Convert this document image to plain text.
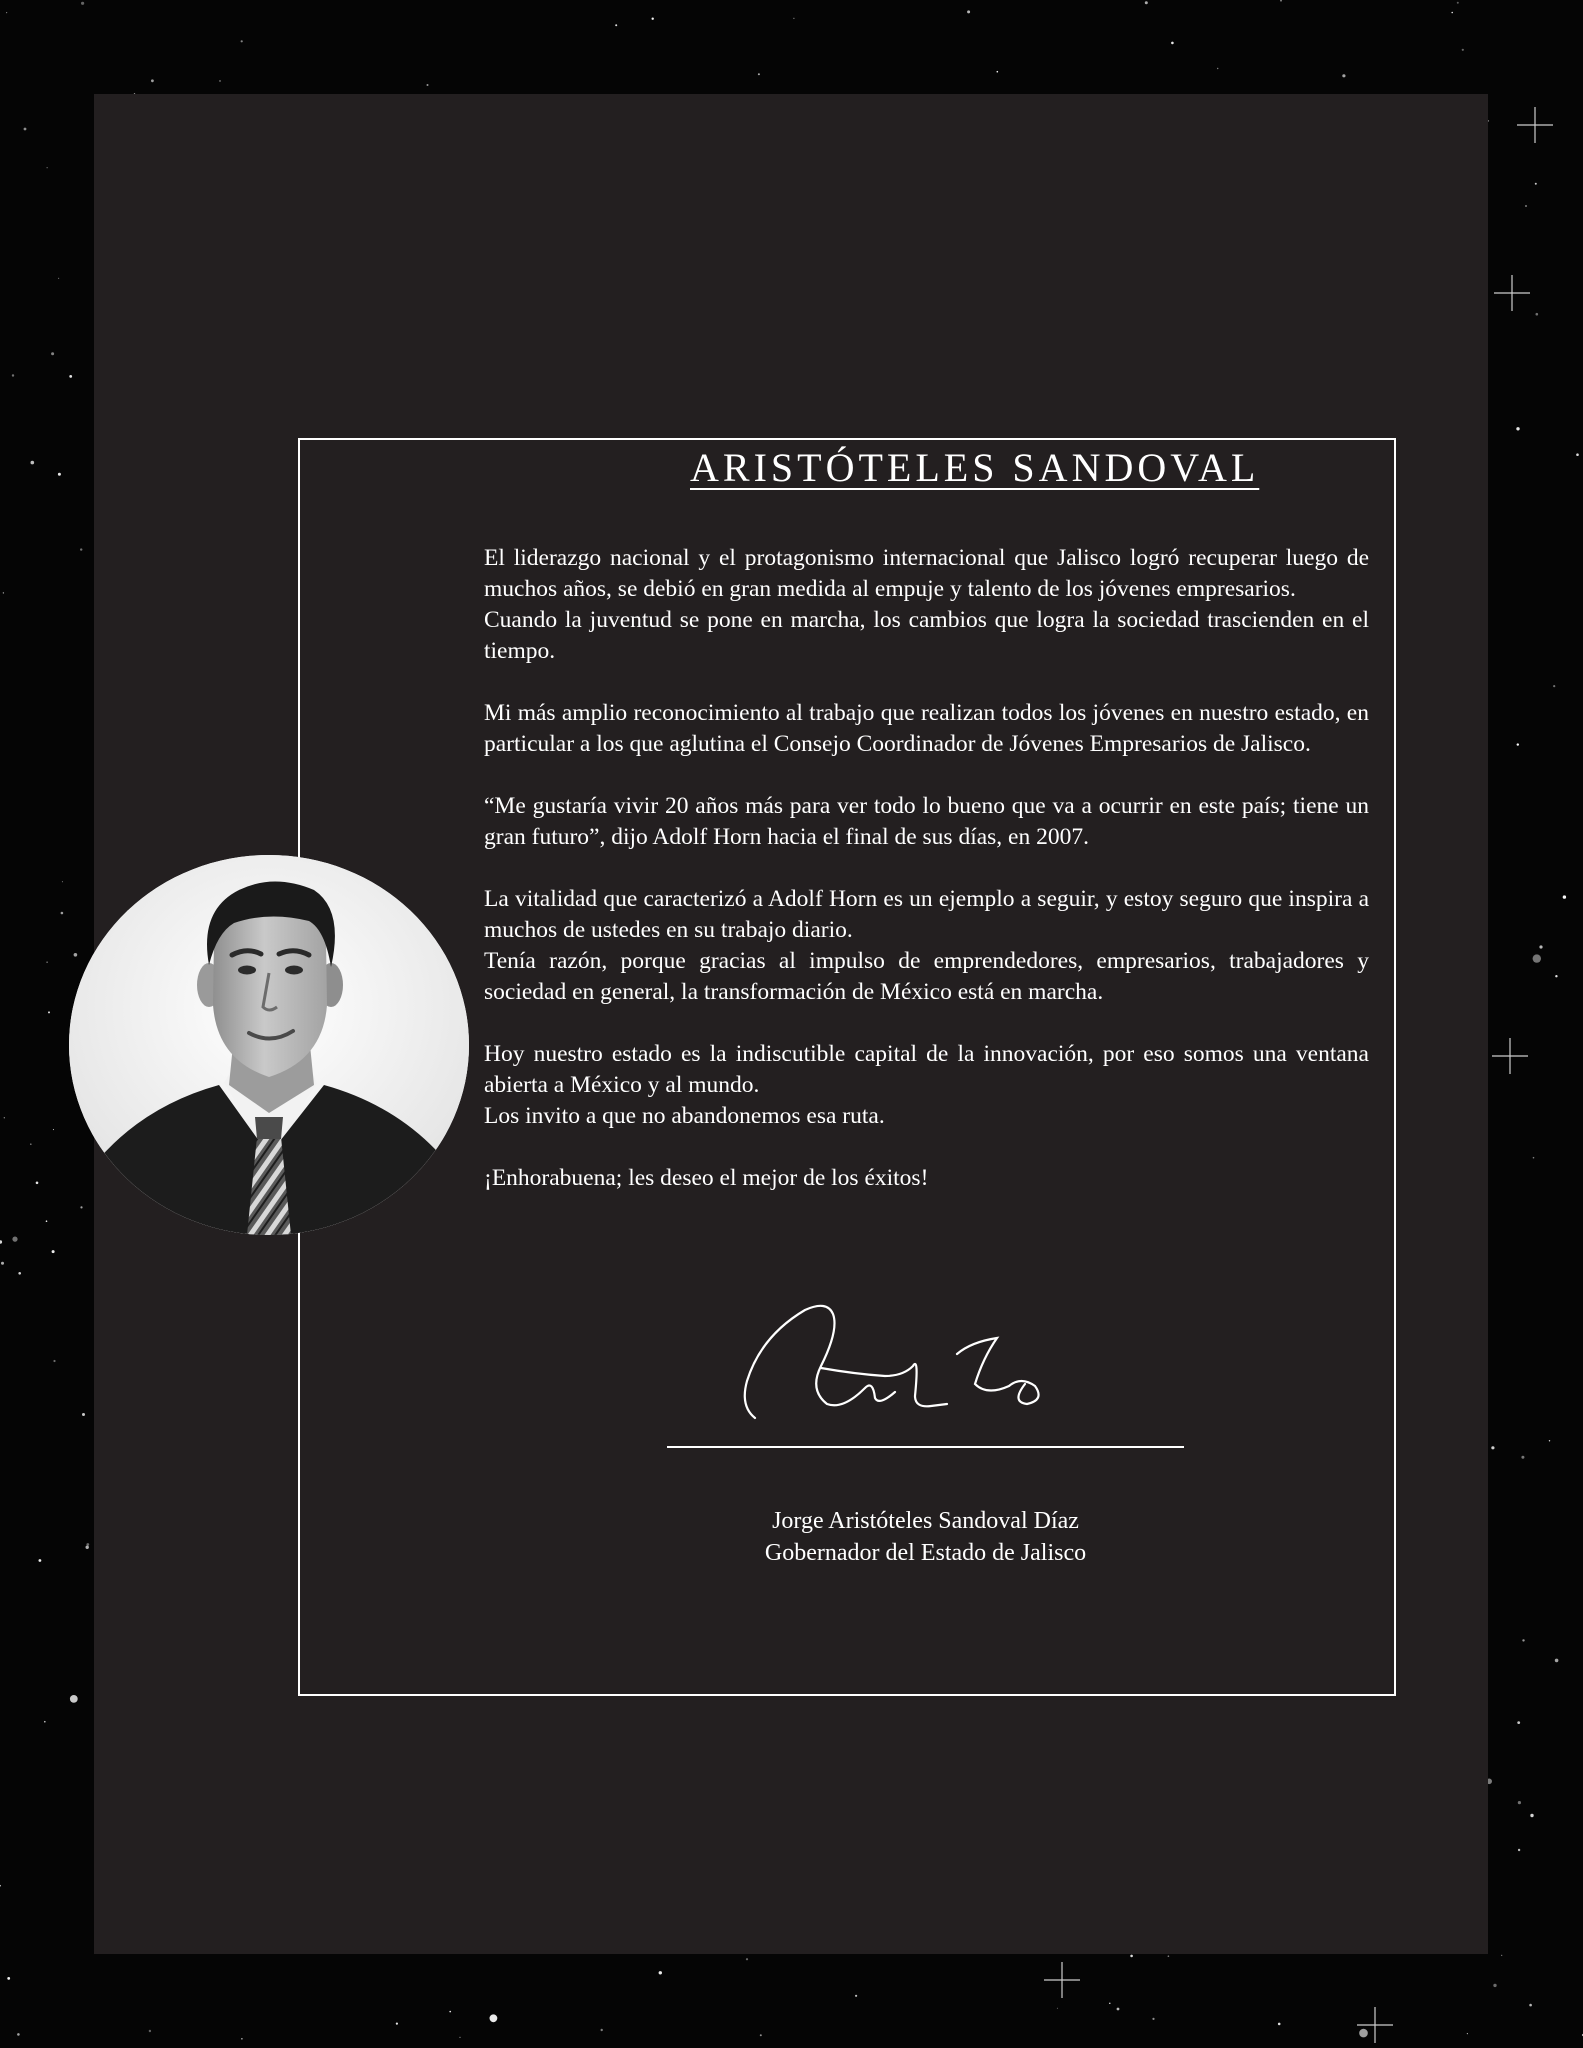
ARISTÓTELES SANDOVAL

El liderazgo nacional y el protagonismo internacional que Jalisco logró recuperar luego de muchos años, se debió en gran medida al empuje y talento de los jóvenes empresarios.
Cuando la juventud se pone en marcha, los cambios que logra la sociedad trascienden en el tiempo.

Mi más amplio reconocimiento al trabajo que realizan todos los jóvenes en nuestro estado, en particular a los que aglutina el Consejo Coordinador de Jóvenes Empresarios de Jalisco.

“Me gustaría vivir 20 años más para ver todo lo bueno que va a ocurrir en este país; tiene un gran futuro”, dijo Adolf Horn hacia el final de sus días, en 2007.

La vitalidad que caracterizó a Adolf Horn es un ejemplo a seguir, y estoy seguro que inspira a muchos de ustedes en su trabajo diario.
Tenía razón, porque gracias al impulso de emprendedores, empresarios, trabajadores y sociedad en general, la transformación de México está en marcha.

Hoy nuestro estado es la indiscutible capital de la innovación, por eso somos una ventana abierta a México y al mundo.
Los invito a que no abandonemos esa ruta.

¡Enhorabuena; les deseo el mejor de los éxitos!

Jorge Aristóteles Sandoval Díaz
Gobernador del Estado de Jalisco
